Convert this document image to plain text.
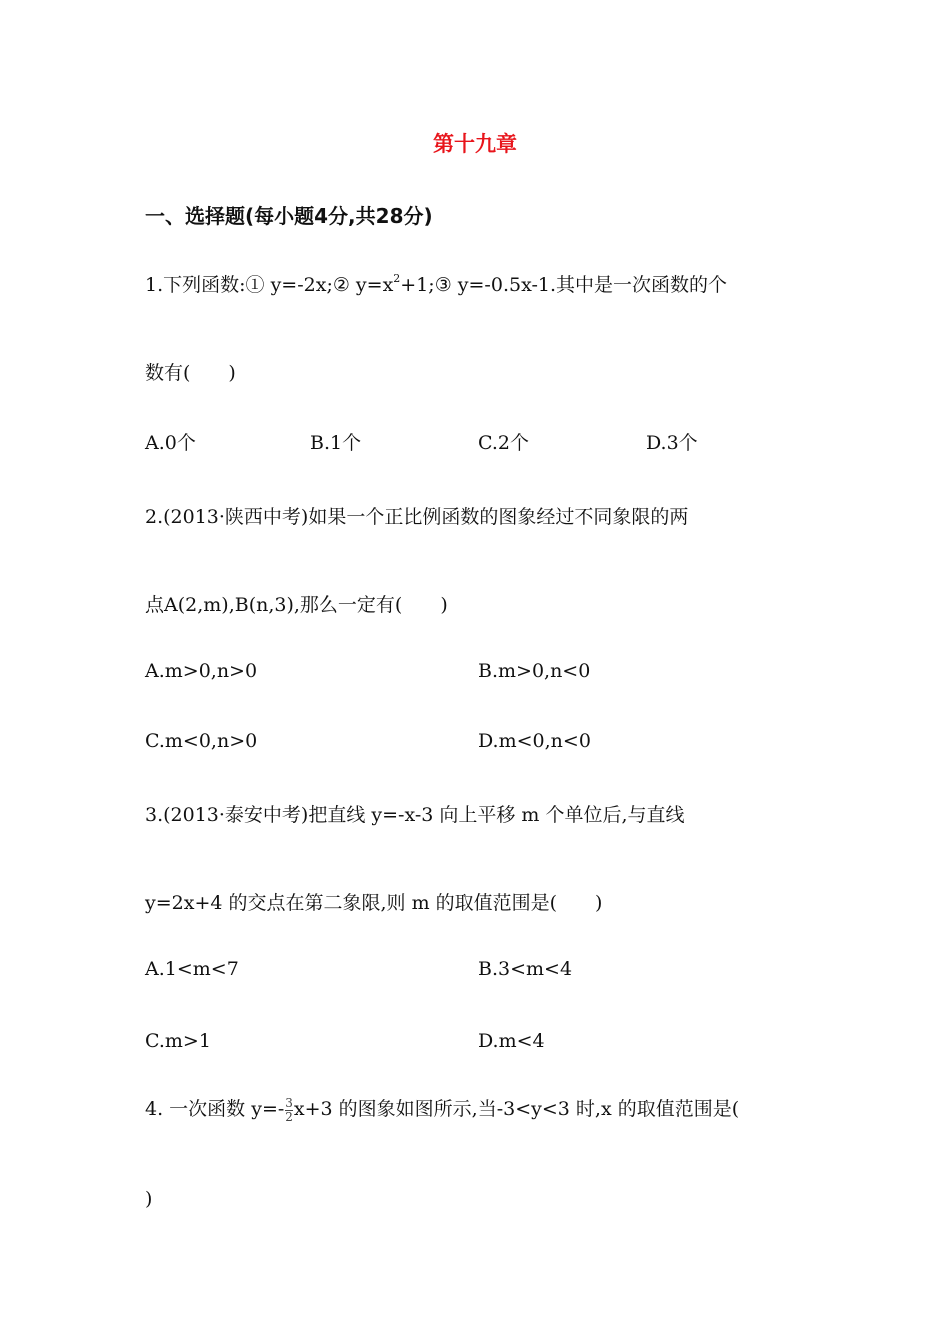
第十九章
一、选择题(每小题4分,共28分)
1.下列函数:① y=-2x;② $y=x^2+1;③$ y=-0.5x-1.其中是一次函数的个
数有(　　)
A.0个	B.1个	C.2个	D.3个
2.(2013·陕西中考)如果一个正比例函数的图象经过不同象限的两
点A(2,m),B(n,3),那么一定有(　　)
A.m>0,n>0	B.m>0,n<0
C.m<0,n>0	D.m<0,n<0
3.(2013·泰安中考)把直线 y=-x-3 向上平移 m 个单位后,与直线
y=2x+4 的交点在第二象限,则 m 的取值范围是(　　)
A.1<m<7	B.3<m<4
C.m>1	D.m<4
4. 一次函数 $y=-\frac{3}{2} x+3$ 的图象如图所示,当-3<y<3 时,x 的取值范围是(
)
